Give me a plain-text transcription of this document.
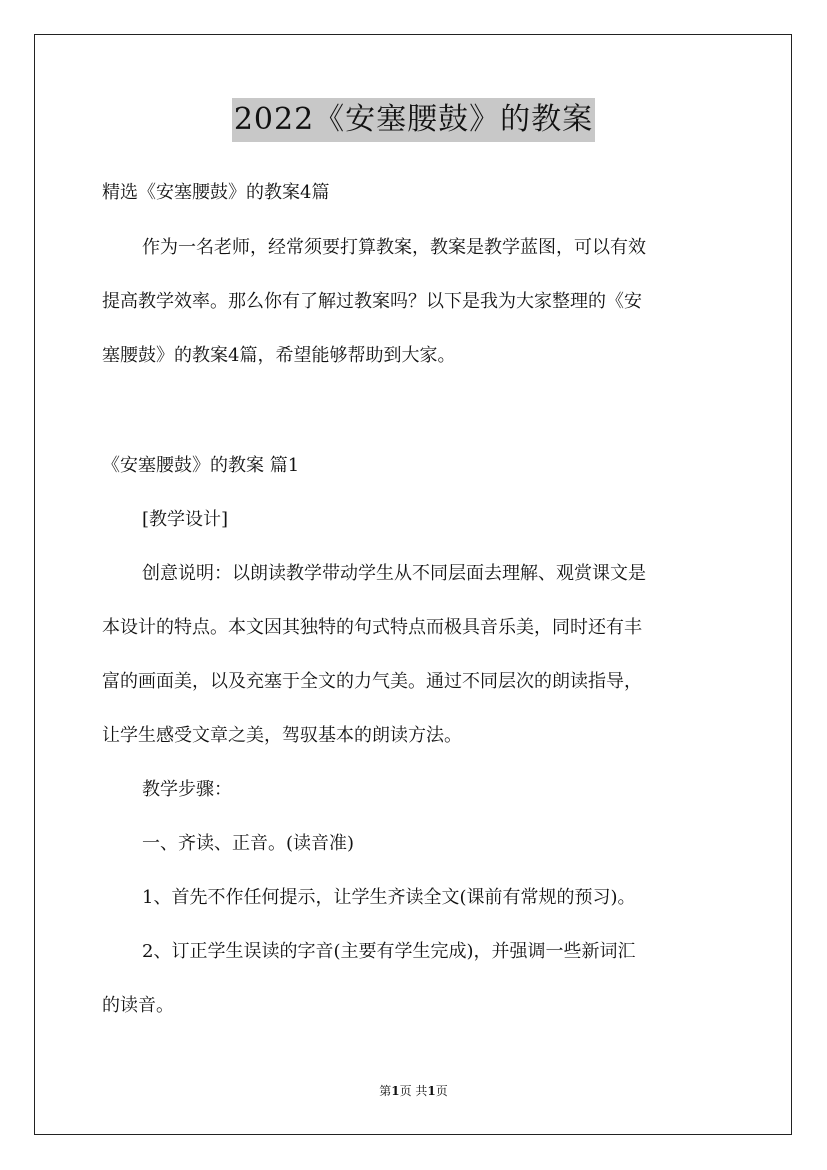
2022《安塞腰鼓》的教案
精选《安塞腰鼓》的教案4篇
作为一名老师，经常须要打算教案，教案是教学蓝图，可以有效
提高教学效率。那么你有了解过教案吗？以下是我为大家整理的《安
塞腰鼓》的教案4篇，希望能够帮助到大家。
《安塞腰鼓》的教案 篇1
[教学设计]
创意说明：以朗读教学带动学生从不同层面去理解、观赏课文是
本设计的特点。本文因其独特的句式特点而极具音乐美，同时还有丰
富的画面美，以及充塞于全文的力气美。通过不同层次的朗读指导，
让学生感受文章之美，驾驭基本的朗读方法。
教学步骤：
一、齐读、正音。(读音准)
1、首先不作任何提示，让学生齐读全文(课前有常规的预习)。
2、订正学生误读的字音(主要有学生完成)，并强调一些新词汇
的读音。
第1页 共1页
